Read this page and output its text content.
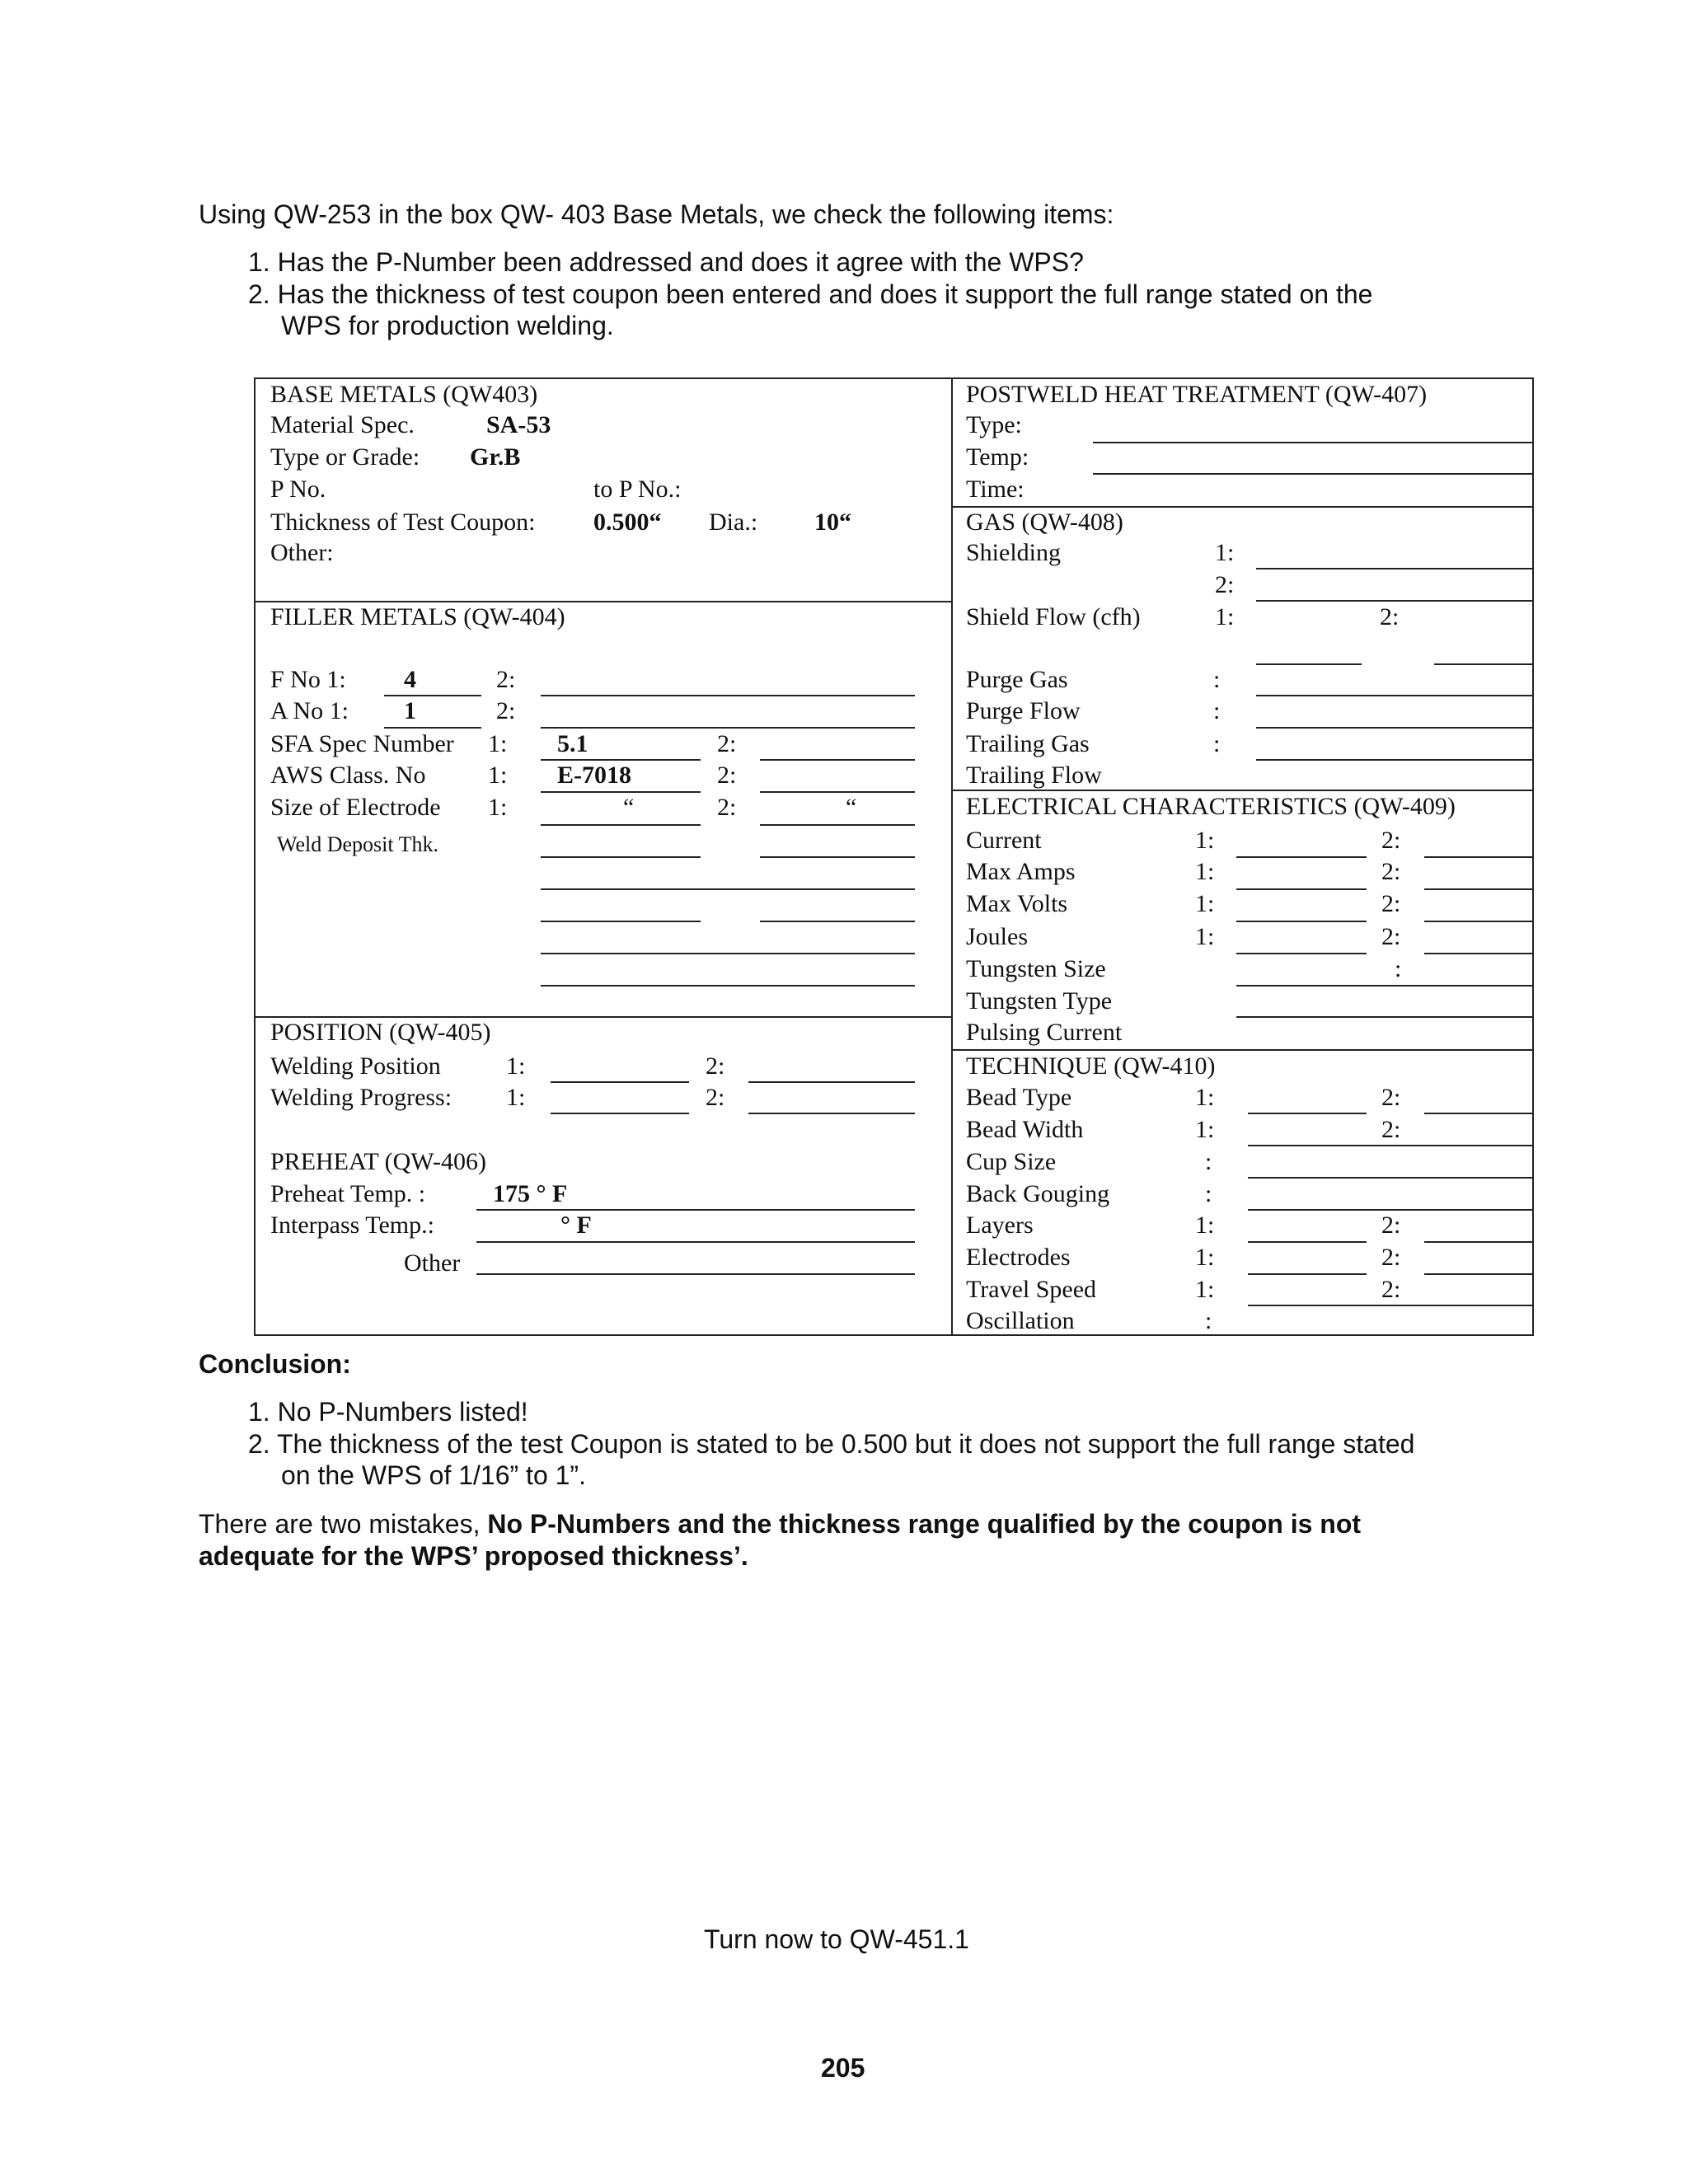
Using QW-253 in the box QW- 403 Base Metals, we check the following items:
1. Has the P-Number been addressed and does it agree with the WPS?
2. Has the thickness of test coupon been entered and does it support the full range stated on the
WPS for production welding.
BASE METALS (QW403)
Material Spec.	SA-53
Type or Grade: Gr.B
P No.	to P No.:
Thickness of Test Coupon: 0.500“ Dia.: 10“
Other:
FILLER METALS (QW-404)
F No 1: 4	2:
A No 1: 1	2:
SFA Spec Number 1: 5.1	2:
AWS Class. No	1: E-7018	2:
Size of Electrode 1:	“	2:	“
Weld Deposit Thk.
POSITION (QW-405)
Welding Position	1:	2:
Welding Progress: 1:	2:
PREHEAT (QW-406)
Preheat Temp. :	175 ° F
Interpass Temp.:	° F
Other
POSTWELD HEAT TREATMENT (QW-407)
Type:
Temp:
Time:
GAS (QW-408)
Shielding	1:
2:
Shield Flow (cfh)	1:	2:
Purge Gas	:
Purge Flow	:
Trailing Gas	:
Trailing Flow
ELECTRICAL CHARACTERISTICS (QW-409)
Current	1:	2:
Max Amps	1:	2:
Max Volts	1:	2:
Joules	1:	2:
Tungsten Size	:
Tungsten Type
Pulsing Current
TECHNIQUE (QW-410)
Bead Type	1:	2:
Bead Width	1:	2:
Cup Size	:
Back Gouging	:
Layers	1:	2:
Electrodes	1:	2:
Travel Speed	1:	2:
Oscillation	:
Conclusion:
1. No P-Numbers listed!
2. The thickness of the test Coupon is stated to be 0.500 but it does not support the full range stated
on the WPS of 1/16” to 1”.
There are two mistakes, No P-Numbers and the thickness range qualified by the coupon is not
adequate for the WPS’ proposed thickness’.
Turn now to QW-451.1
205
